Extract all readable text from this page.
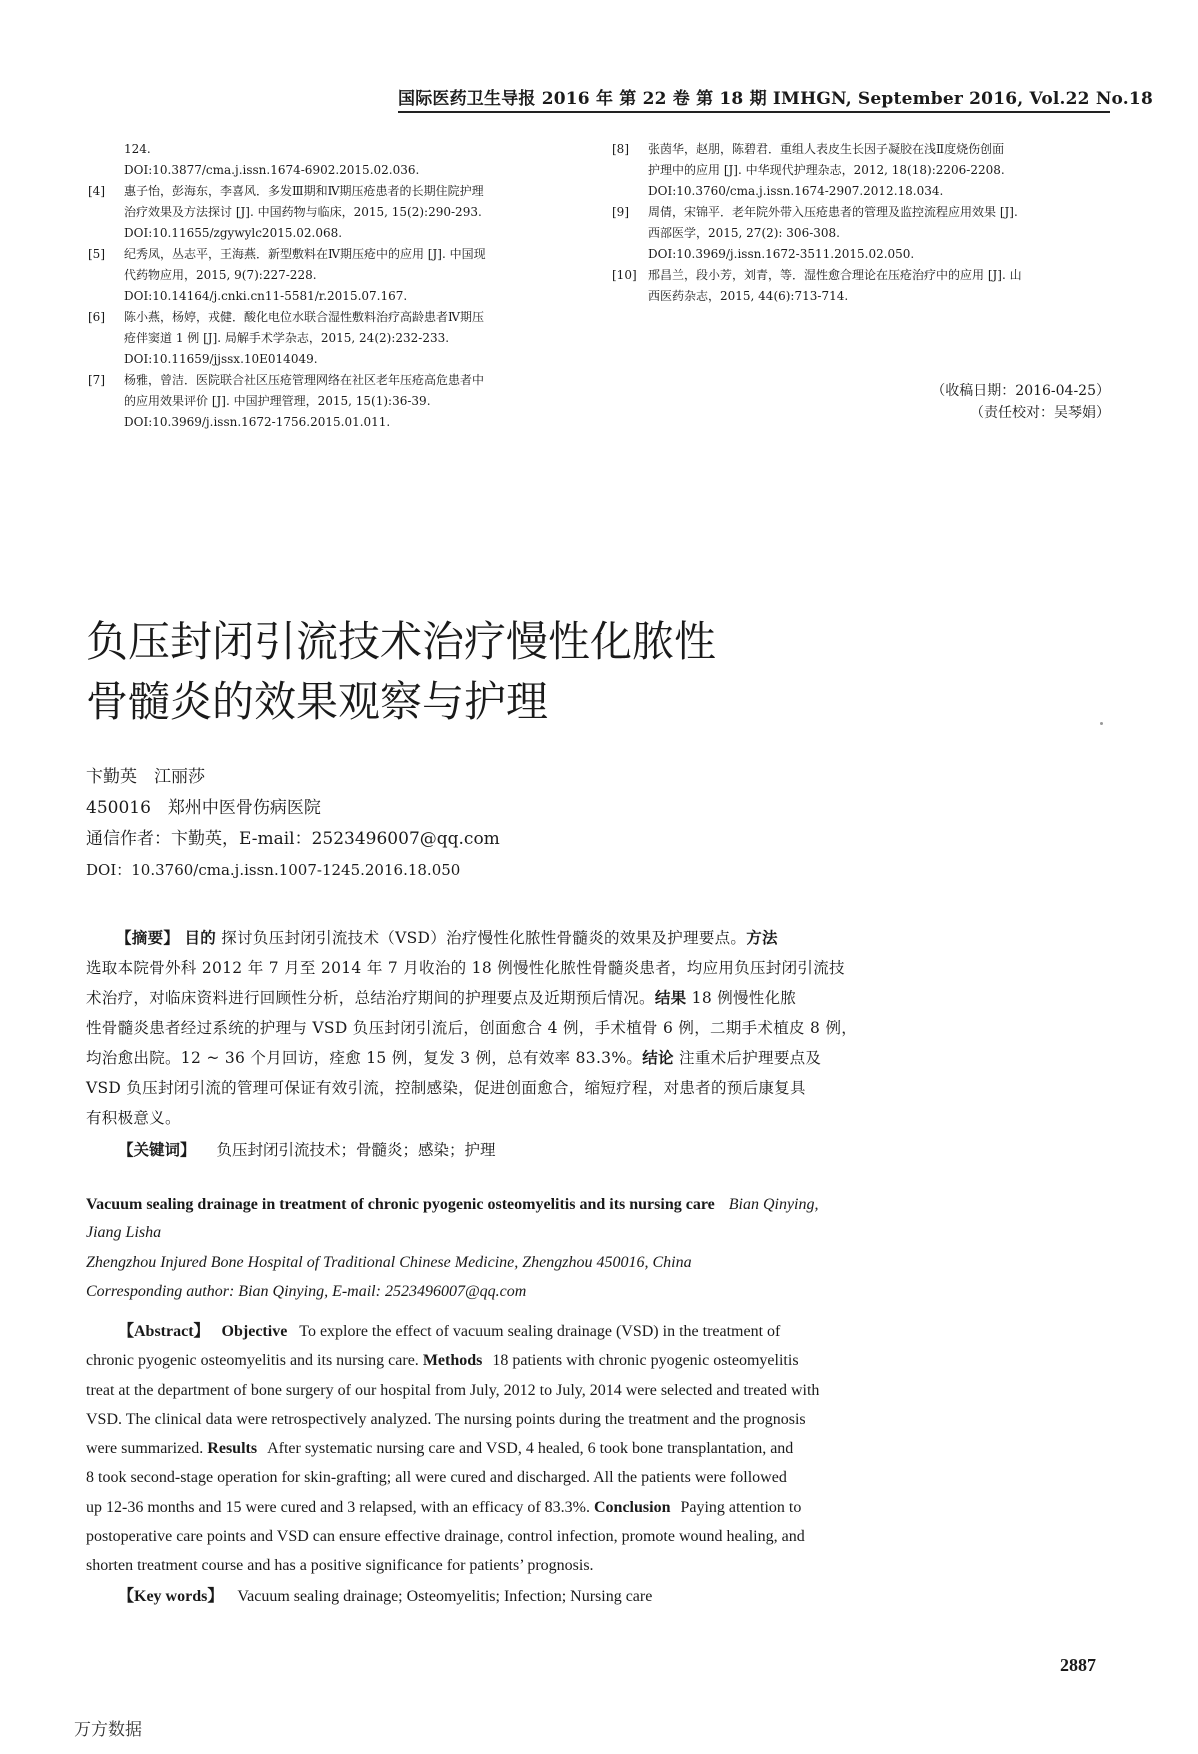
国际医药卫生导报 2016 年 第 22 卷 第 18 期 IMHGN, September 2016, Vol.22 No.18
124.
DOI:10.3877/cma.j.issn.1674-6902.2015.02.036.
[4] 惠子怡，彭海东，李喜风．多发Ⅲ期和Ⅳ期压疮患者的长期住院护理
治疗效果及方法探讨 [J]. 中国药物与临床，2015, 15(2):290-293.
DOI:10.11655/zgywylc2015.02.068.
[5] 纪秀凤，丛志平，王海燕．新型敷料在Ⅳ期压疮中的应用 [J]. 中国现
代药物应用，2015, 9(7):227-228.
DOI:10.14164/j.cnki.cn11-5581/r.2015.07.167.
[6] 陈小燕，杨婷，戎健．酸化电位水联合湿性敷料治疗高龄患者Ⅳ期压
疮伴窦道 1 例 [J]. 局解手术学杂志，2015, 24(2):232-233.
DOI:10.11659/jjssx.10E014049.
[7] 杨雅，曾洁．医院联合社区压疮管理网络在社区老年压疮高危患者中
的应用效果评价 [J]. 中国护理管理，2015, 15(1):36-39.
DOI:10.3969/j.issn.1672-1756.2015.01.011.
[8] 张茵华，赵朋，陈碧君．重组人表皮生长因子凝胶在浅Ⅱ度烧伤创面
护理中的应用 [J]. 中华现代护理杂志，2012, 18(18):2206-2208.
DOI:10.3760/cma.j.issn.1674-2907.2012.18.034.
[9] 周倩，宋锦平．老年院外带入压疮患者的管理及监控流程应用效果 [J].
西部医学，2015, 27(2): 306-308.
DOI:10.3969/j.issn.1672-3511.2015.02.050.
[10] 邢昌兰，段小芳，刘青，等．湿性愈合理论在压疮治疗中的应用 [J]. 山
西医药杂志，2015, 44(6):713-714.
（收稿日期：2016-04-25）
（责任校对：吴琴娟）
负压封闭引流技术治疗慢性化脓性
骨髓炎的效果观察与护理
卞勤英　江丽莎
450016　郑州中医骨伤病医院
通信作者：卞勤英，E-mail：2523496007@qq.com
DOI：10.3760/cma.j.issn.1007-1245.2016.18.050
【摘要】 目的 探讨负压封闭引流技术（VSD）治疗慢性化脓性骨髓炎的效果及护理要点。方法
选取本院骨外科 2012 年 7 月至 2014 年 7 月收治的 18 例慢性化脓性骨髓炎患者，均应用负压封闭引流技
术治疗，对临床资料进行回顾性分析，总结治疗期间的护理要点及近期预后情况。结果 18 例慢性化脓
性骨髓炎患者经过系统的护理与 VSD 负压封闭引流后，创面愈合 4 例，手术植骨 6 例，二期手术植皮 8 例，
均治愈出院。12 ~ 36 个月回访，痊愈 15 例，复发 3 例，总有效率 83.3%。结论 注重术后护理要点及
VSD 负压封闭引流的管理可保证有效引流，控制感染，促进创面愈合，缩短疗程，对患者的预后康复具
有积极意义。
【关键词】 负压封闭引流技术；骨髓炎；感染；护理
Vacuum sealing drainage in treatment of chronic pyogenic osteomyelitis and its nursing care Bian Qinying,
Jiang Lisha
Zhengzhou Injured Bone Hospital of Traditional Chinese Medicine, Zhengzhou 450016, China
Corresponding author: Bian Qinying, E-mail: 2523496007@qq.com
【Abstract】 Objective To explore the effect of vacuum sealing drainage (VSD) in the treatment of
chronic pyogenic osteomyelitis and its nursing care. Methods 18 patients with chronic pyogenic osteomyelitis
treat at the department of bone surgery of our hospital from July, 2012 to July, 2014 were selected and treated with
VSD. The clinical data were retrospectively analyzed. The nursing points during the treatment and the prognosis
were summarized. Results After systematic nursing care and VSD, 4 healed, 6 took bone transplantation, and
8 took second-stage operation for skin-grafting; all were cured and discharged. All the patients were followed
up 12-36 months and 15 were cured and 3 relapsed, with an efficacy of 83.3%. Conclusion Paying attention to
postoperative care points and VSD can ensure effective drainage, control infection, promote wound healing, and
shorten treatment course and has a positive significance for patients’ prognosis.
【Key words】 Vacuum sealing drainage; Osteomyelitis; Infection; Nursing care
2887
万方数据
